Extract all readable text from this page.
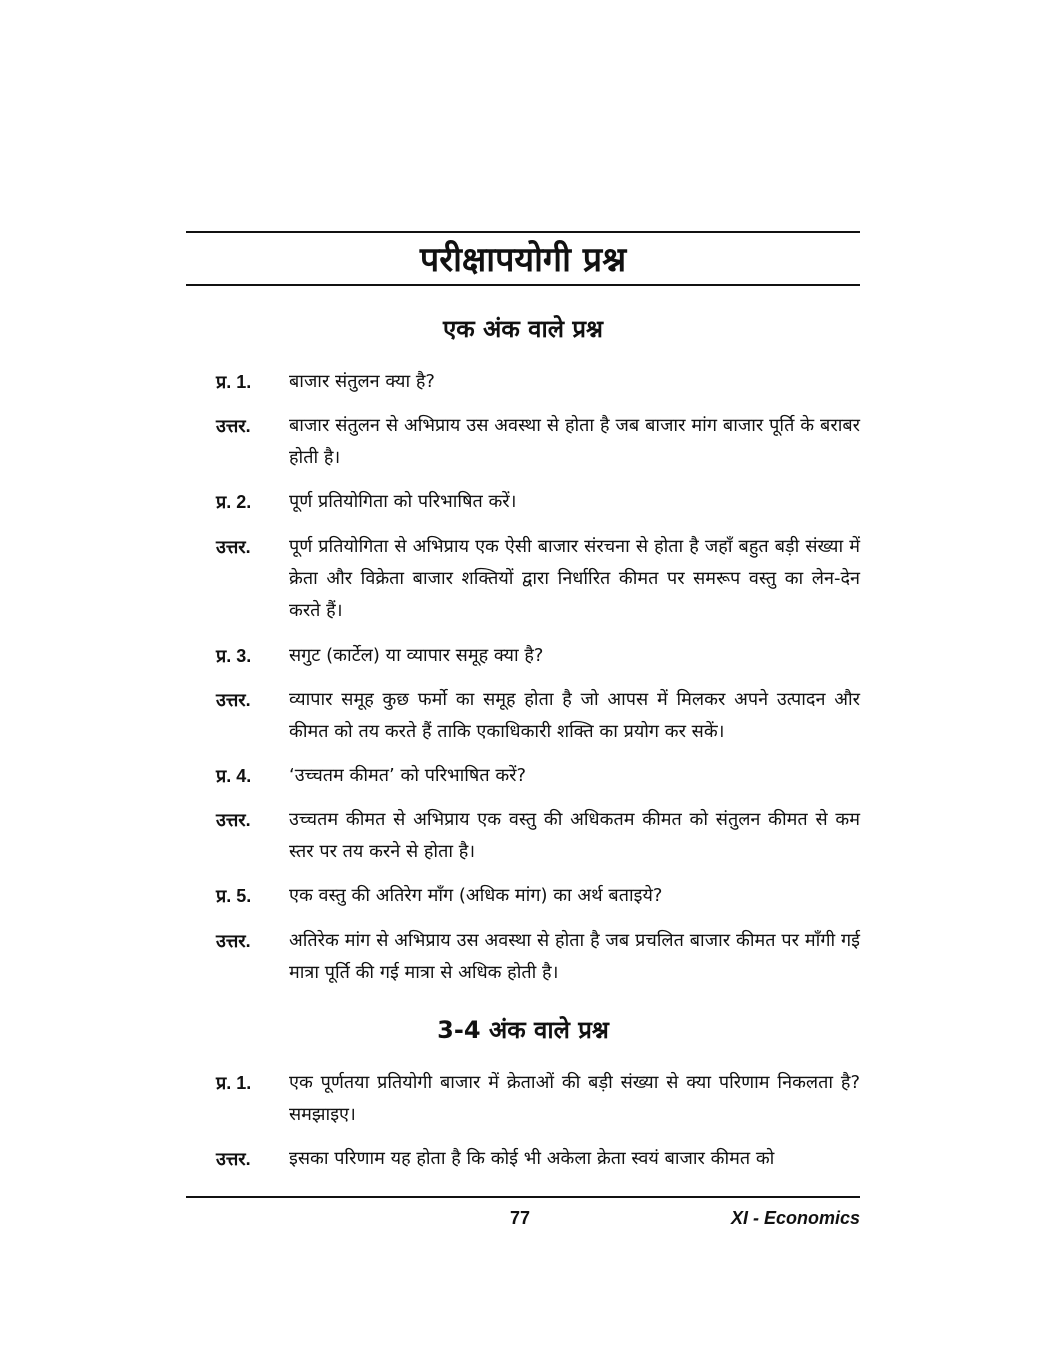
परीक्षापयोगी प्रश्न
एक अंक वाले प्रश्न
प्र. 1.	बाजार संतुलन क्या है?
उत्तर.	बाजार संतुलन से अभिप्राय उस अवस्था से होता है जब बाजार मांग बाजार पूर्ति के बराबर होती है।
प्र. 2.	पूर्ण प्रतियोगिता को परिभाषित करें।
उत्तर.	पूर्ण प्रतियोगिता से अभिप्राय एक ऐसी बाजार संरचना से होता है जहाँ बहुत बड़ी संख्या में क्रेता और विक्रेता बाजार शक्तियों द्वारा निर्धारित कीमत पर समरूप वस्तु का लेन-देन करते हैं।
प्र. 3.	सगुट (कार्टेल) या व्यापार समूह क्या है?
उत्तर.	व्यापार समूह कुछ फर्मो का समूह होता है जो आपस में मिलकर अपने उत्पादन और कीमत को तय करते हैं ताकि एकाधिकारी शक्ति का प्रयोग कर सकें।
प्र. 4.	‘उच्चतम कीमत’ को परिभाषित करें?
उत्तर.	उच्चतम कीमत से अभिप्राय एक वस्तु की अधिकतम कीमत को संतुलन कीमत से कम स्तर पर तय करने से होता है।
प्र. 5.	एक वस्तु की अतिरेग माँग (अधिक मांग) का अर्थ बताइये?
उत्तर.	अतिरेक मांग से अभिप्राय उस अवस्था से होता है जब प्रचलित बाजार कीमत पर माँगी गई मात्रा पूर्ति की गई मात्रा से अधिक होती है।
3-4 अंक वाले प्रश्न
प्र. 1.	एक पूर्णतया प्रतियोगी बाजार में क्रेताओं की बड़ी संख्या से क्या परिणाम निकलता है? समझाइए।
उत्तर.	इसका परिणाम यह होता है कि कोई भी अकेला क्रेता स्वयं बाजार कीमत को
77	XI - Economics
